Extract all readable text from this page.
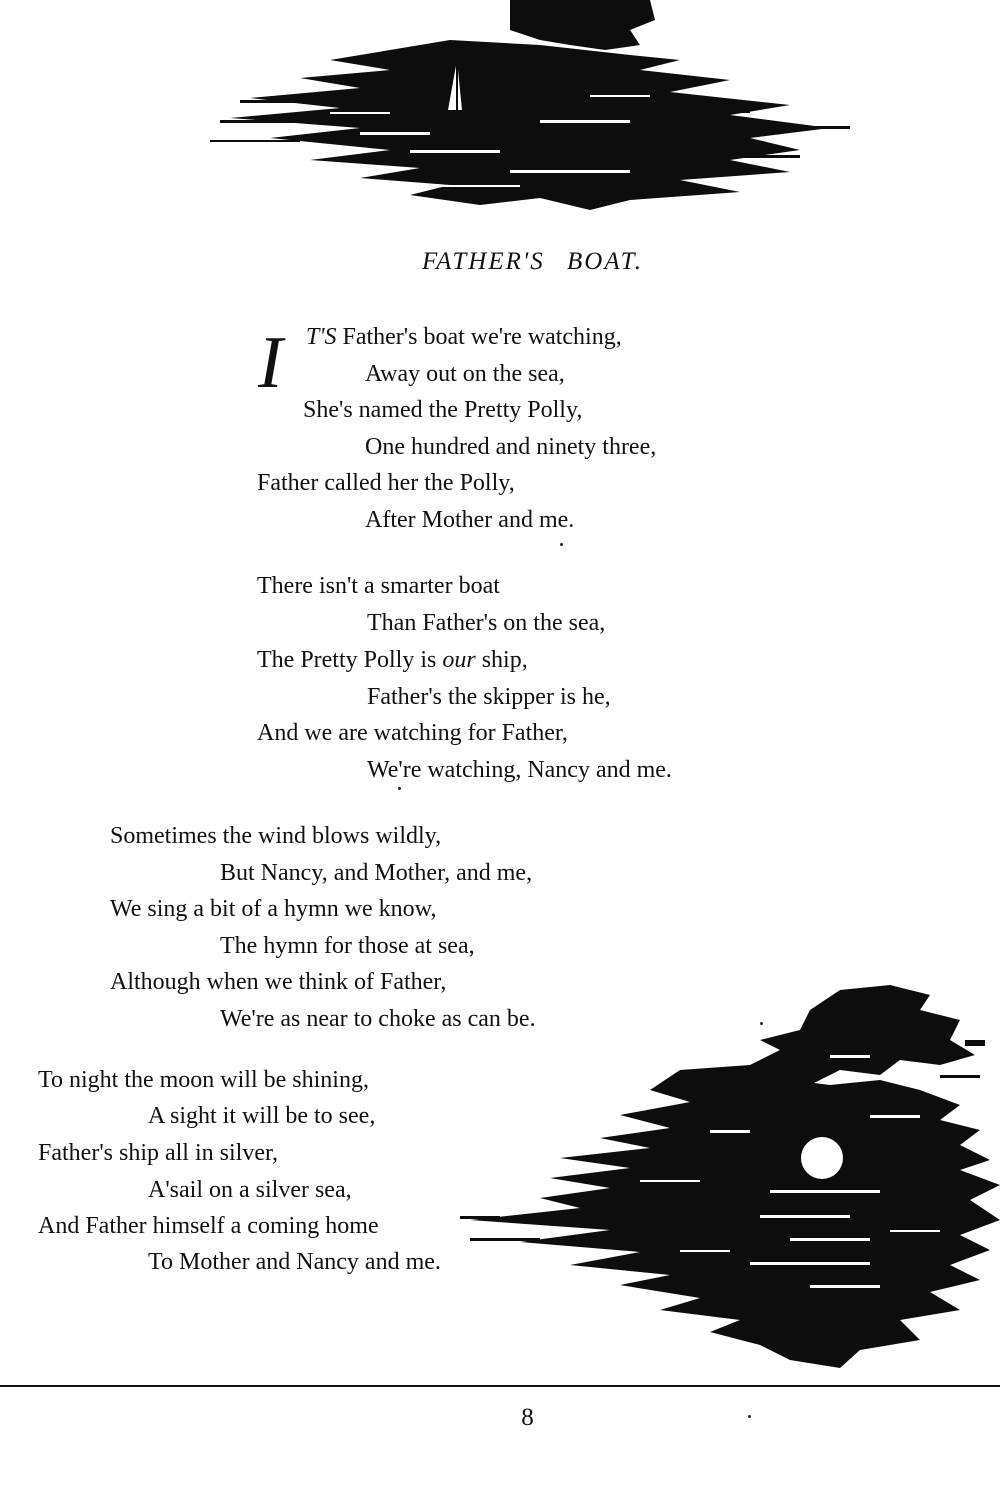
FATHER'S BOAT.
I T'S Father's boat we're watching,
Away out on the sea,
She's named the Pretty Polly,
One hundred and ninety three,
Father called her the Polly,
After Mother and me.
There isn't a smarter boat
Than Father's on the sea,
The Pretty Polly is our ship,
Father's the skipper is he,
And we are watching for Father,
We're watching, Nancy and me.
Sometimes the wind blows wildly,
But Nancy, and Mother, and me,
We sing a bit of a hymn we know,
The hymn for those at sea,
Although when we think of Father,
We're as near to choke as can be.
To night the moon will be shining,
A sight it will be to see,
Father's ship all in silver,
A'sail on a silver sea,
And Father himself a coming home
To Mother and Nancy and me.
8
